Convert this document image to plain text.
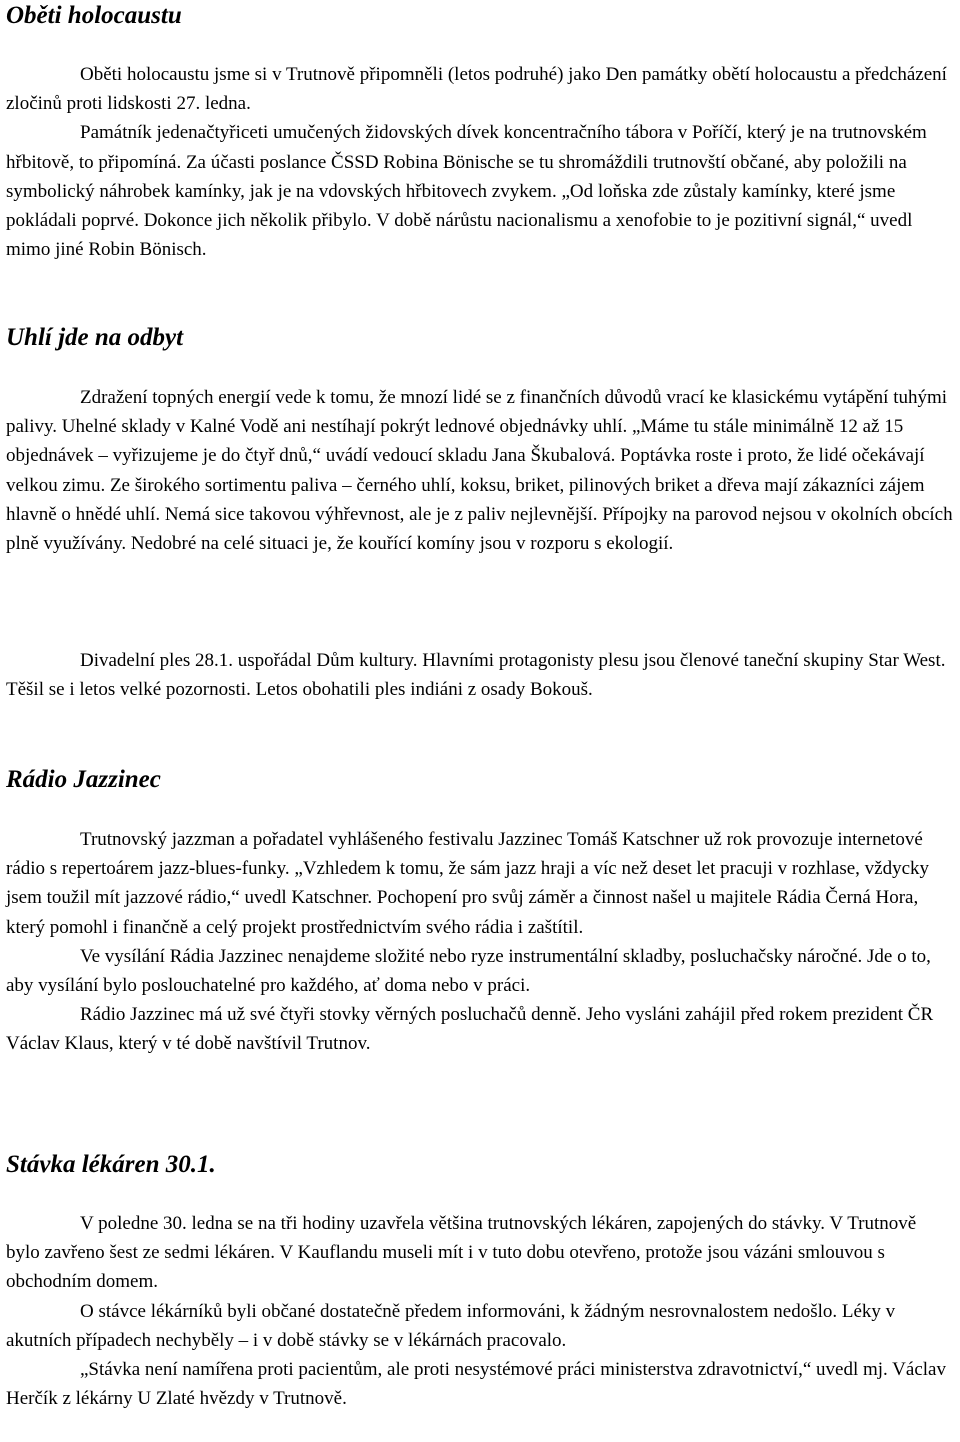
Oběti holocaustu

Oběti holocaustu jsme si v Trutnově připomněli (letos podruhé) jako Den památky obětí holocaustu a předcházení zločinů proti lidskosti 27. ledna.

Památník jedenačtyřiceti umučených židovských dívek koncentračního tábora v Poříčí, který je na trutnovském hřbitově, to připomíná. Za účasti poslance ČSSD Robina Bönische se tu shromáždili trutnovští občané, aby položili na symbolický náhrobek kamínky, jak je na vdovských hřbitovech zvykem. „Od loňska zde zůstaly kamínky, které jsme pokládali poprvé. Dokonce jich několik přibylo. V době nárůstu nacionalismu a xenofobie to je pozitivní signál,“ uvedl mimo jiné Robin Bönisch.

Uhlí jde na odbyt

Zdražení topných energií vede k tomu, že mnozí lidé se z finančních důvodů vrací ke klasickému vytápění tuhými palivy. Uhelné sklady v Kalné Vodě ani nestíhají pokrýt lednové objednávky uhlí. „Máme tu stále minimálně 12 až 15 objednávek – vyřizujeme je do čtyř dnů,“ uvádí vedoucí skladu Jana Škubalová. Poptávka roste i proto, že lidé očekávají velkou zimu. Ze širokého sortimentu paliva – černého uhlí, koksu, briket, pilinových briket a dřeva mají zákazníci zájem hlavně o hnědé uhlí. Nemá sice takovou výhřevnost, ale je z paliv nejlevnější. Přípojky na parovod nejsou v okolních obcích plně využívány. Nedobré na celé situaci je, že kouřící komíny jsou v rozporu s ekologií.

Divadelní ples 28.1. uspořádal Dům kultury. Hlavními protagonisty plesu jsou členové taneční skupiny Star West. Těšil se i letos velké pozornosti. Letos obohatili ples indiáni z osady Bokouš.

Rádio Jazzinec

Trutnovský jazzman a pořadatel vyhlášeného festivalu Jazzinec Tomáš Katschner už rok provozuje internetové rádio s repertoárem jazz-blues-funky. „Vzhledem k tomu, že sám jazz hraji a víc než deset let pracuji v rozhlase, vždycky jsem toužil mít jazzové rádio,“ uvedl Katschner. Pochopení pro svůj záměr a činnost našel u majitele Rádia Černá Hora, který pomohl i finančně a celý projekt prostřednictvím svého rádia i zaštítil.

Ve vysílání Rádia Jazzinec nenajdeme složité nebo ryze instrumentální skladby, posluchačsky náročné. Jde o to, aby vysílání bylo poslouchatelné pro každého, ať doma nebo v práci.

Rádio Jazzinec má už své čtyři stovky věrných posluchačů denně. Jeho vysláni zahájil před rokem prezident ČR Václav Klaus, který v té době navštívil Trutnov.

Stávka lékáren 30.1.

V poledne 30. ledna se na tři hodiny uzavřela většina trutnovských lékáren, zapojených do stávky. V Trutnově bylo zavřeno šest ze sedmi lékáren. V Kauflandu museli mít i v tuto dobu otevřeno, protože jsou vázáni smlouvou s obchodním domem.

O stávce lékárníků byli občané dostatečně předem informováni, k žádným nesrovnalostem nedošlo. Léky v akutních případech nechyběly – i v době stávky se v lékárnách pracovalo.

„Stávka není namířena proti pacientům, ale proti nesystémové práci ministerstva zdravotnictví,“ uvedl mj. Václav Herčík z lékárny U Zlaté hvězdy v Trutnově.
